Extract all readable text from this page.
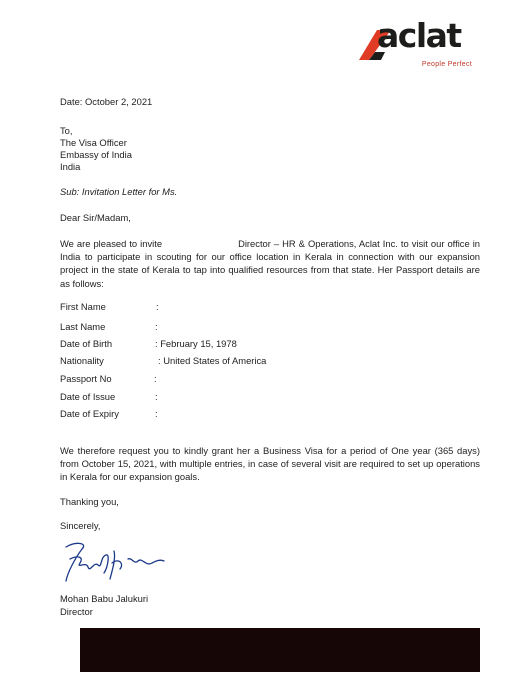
aclat
People Perfect
Date: October 2, 2021
To,
The Visa Officer
Embassy of India
India
Sub: Invitation Letter for Ms.
Dear Sir/Madam,
We are pleased to invite	Director – HR & Operations, Aclat Inc. to visit our office in India to participate in scouting for our office location in Kerala in connection with our expansion project in the state of Kerala to tap into qualified resources from that state. Her Passport details are as follows:
First Name	:
Last Name	:
Date of Birth	: February 15, 1978
Nationality	: United States of America
Passport No	:
Date of Issue	:
Date of Expiry	:
We therefore request you to kindly grant her a Business Visa for a period of One year (365 days) from October 15, 2021, with multiple entries, in case of several visit are required to set up operations in Kerala for our expansion goals.
Thanking you,
Sincerely,
Mohan Babu Jalukuri
Director
